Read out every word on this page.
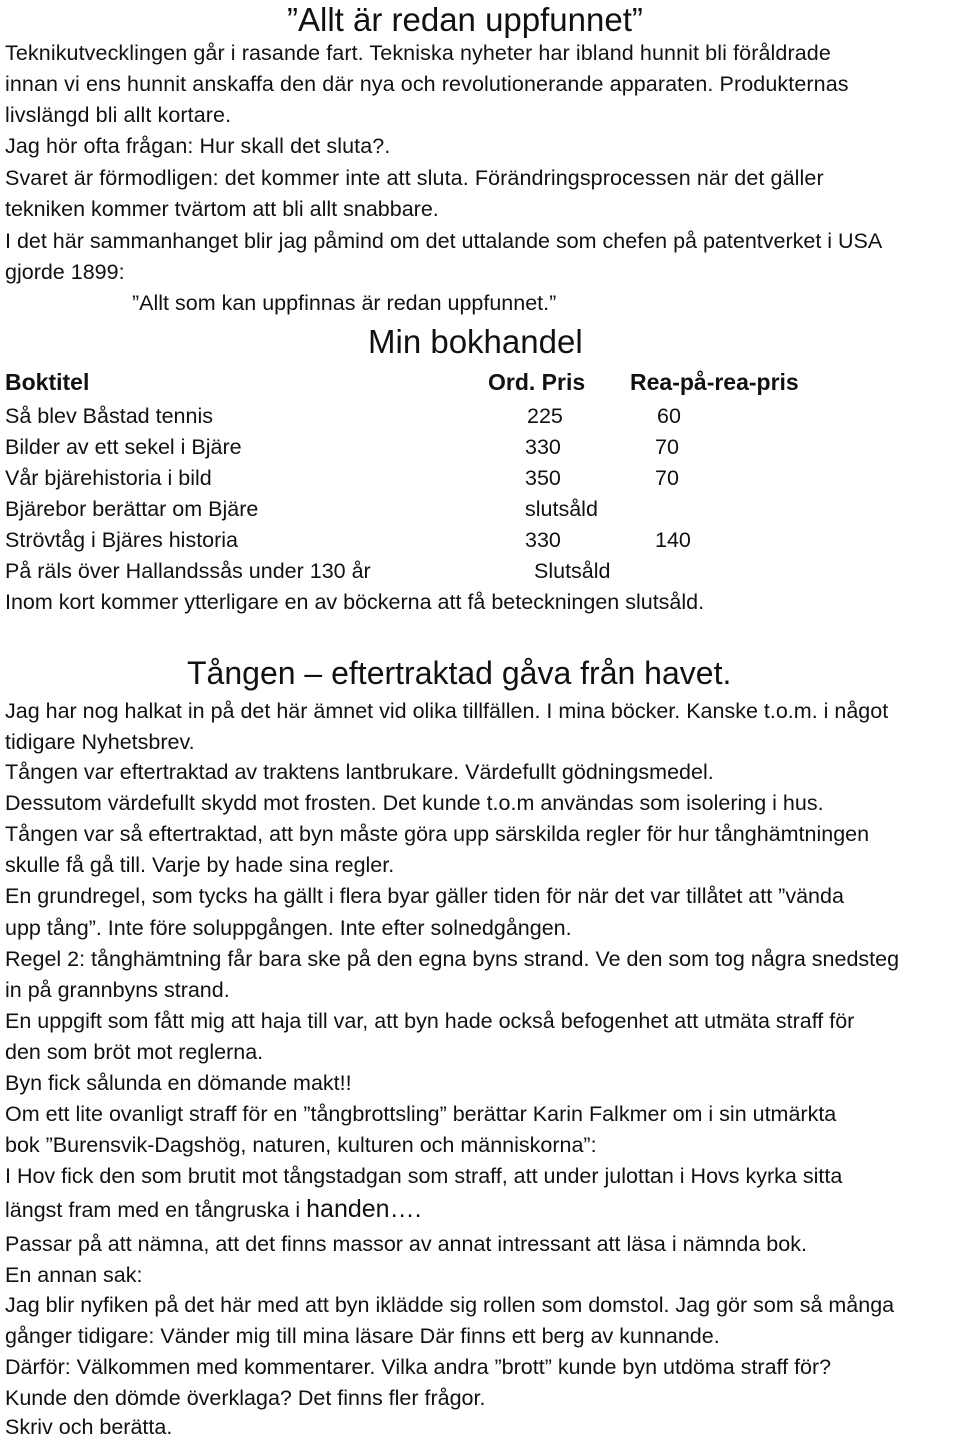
”Allt är redan uppfunnet”
Teknikutvecklingen går i rasande fart. Tekniska nyheter har ibland hunnit bli föråldrade
innan vi ens hunnit anskaffa den där nya och revolutionerande apparaten. Produkternas
livslängd bli allt kortare.
Jag hör ofta frågan: Hur skall det sluta?.
Svaret är förmodligen: det kommer inte att sluta. Förändringsprocessen när det gäller
tekniken kommer tvärtom att bli allt snabbare.
I det här sammanhanget blir jag påmind om det uttalande som chefen på patentverket i USA
gjorde 1899:
”Allt som kan uppfinnas är redan uppfunnet.”
Min bokhandel
Boktitel	Ord. Pris Rea-på-rea-pris
Så blev Båstad tennis	225	60
Bilder av ett sekel i Bjäre	330	70
Vår bjärehistoria i bild	350	70
Bjärebor berättar om Bjäre	slutsåld
Strövtåg i Bjäres historia	330	140
På räls över Hallandssås under 130 år	Slutsåld
Inom kort kommer ytterligare en av böckerna att få beteckningen slutsåld.
Tången – eftertraktad gåva från havet.
Jag har nog halkat in på det här ämnet vid olika tillfällen. I mina böcker. Kanske t.o.m. i något
tidigare Nyhetsbrev.
Tången var eftertraktad av traktens lantbrukare. Värdefullt gödningsmedel.
Dessutom värdefullt skydd mot frosten. Det kunde t.o.m användas som isolering i hus.
Tången var så eftertraktad, att byn måste göra upp särskilda regler för hur tånghämtningen
skulle få gå till. Varje by hade sina regler.
En grundregel, som tycks ha gällt i flera byar gäller tiden för när det var tillåtet att ”vända
upp tång”. Inte före soluppgången. Inte efter solnedgången.
Regel 2: tånghämtning får bara ske på den egna byns strand. Ve den som tog några snedsteg
in på grannbyns strand.
En uppgift som fått mig att haja till var, att byn hade också befogenhet att utmäta straff för
den som bröt mot reglerna.
Byn fick sålunda en dömande makt!!
Om ett lite ovanligt straff för en ”tångbrottsling” berättar Karin Falkmer om i sin utmärkta
bok ”Burensvik-Dagshög, naturen, kulturen och människorna”:
I Hov fick den som brutit mot tångstadgan som straff, att under julottan i Hovs kyrka sitta
längst fram med en tångruska i handen….
Passar på att nämna, att det finns massor av annat intressant att läsa i nämnda bok.
En annan sak:
Jag blir nyfiken på det här med att byn iklädde sig rollen som domstol. Jag gör som så många
gånger tidigare: Vänder mig till mina läsare Där finns ett berg av kunnande.
Därför: Välkommen med kommentarer. Vilka andra ”brott” kunde byn utdöma straff för?
Kunde den dömde överklaga? Det finns fler frågor.
Skriv och berätta.
